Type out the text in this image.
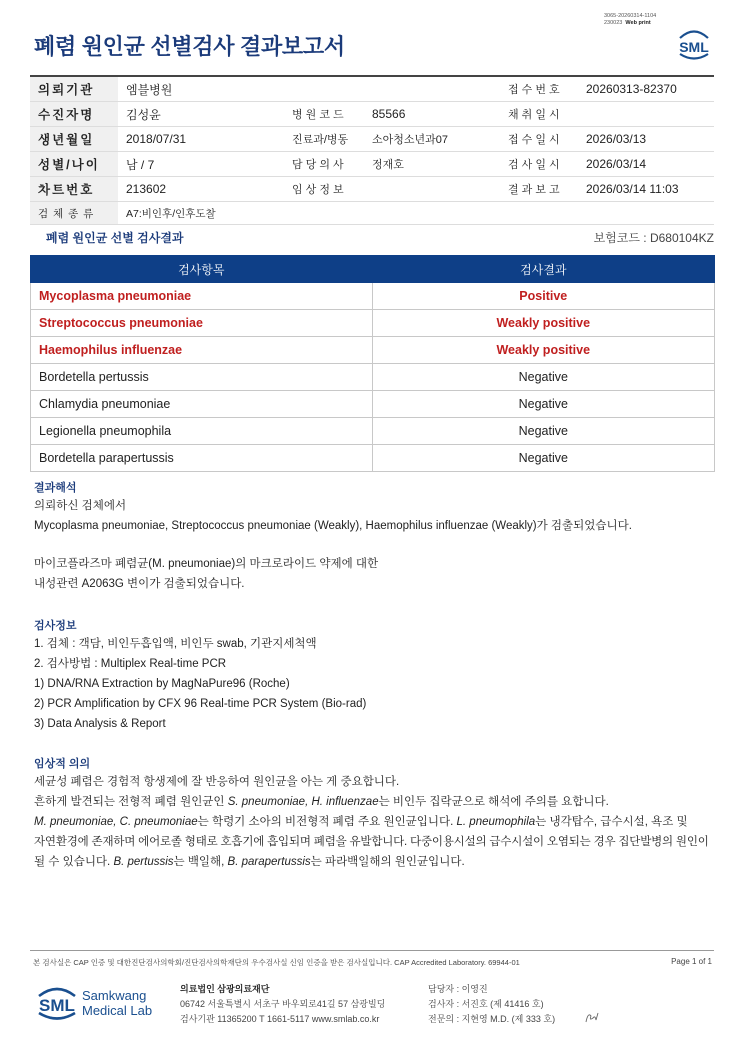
폐렴 원인균 선별검사 결과보고서
3065-20260314-1104
230023 Web print
SML
의뢰기관	엠블병원			접 수 번 호	20260313-82370
수진자명	김성윤	병 원 코 드	85566	채 취 일 시	
생년월일	2018/07/31	진료과/병동	소아청소년과07	접 수 일 시	2026/03/13
성별/나이	남 / 7	담 당 의 사	정재호	검 사 일 시	2026/03/14
차트번호	213602	임 상 정 보		결 과 보 고	2026/03/14 11:03
검 체 종 류	A7:비인후/인후도찰				
폐렴 원인균 선별 검사결과	보험코드 : D680104KZ
검사항목	검사결과
Mycoplasma pneumoniae	Positive
Streptococcus pneumoniae	Weakly positive
Haemophilus influenzae	Weakly positive
Bordetella pertussis	Negative
Chlamydia pneumoniae	Negative
Legionella pneumophila	Negative
Bordetella parapertussis	Negative
결과해석
의뢰하신 검체에서
Mycoplasma pneumoniae, Streptococcus pneumoniae (Weakly), Haemophilus influenzae (Weakly)가 검출되었습니다.
마이코플라즈마 폐렴균(M. pneumoniae)의 마크로라이드 약제에 대한
내성관련 A2063G 변이가 검출되었습니다.
검사정보
1. 검체 : 객담, 비인두흡입액, 비인두 swab, 기관지세척액
2. 검사방법 : Multiplex Real-time PCR
1) DNA/RNA Extraction by MagNaPure96 (Roche)
2) PCR Amplification by CFX 96 Real-time PCR System (Bio-rad)
3) Data Analysis & Report
임상적 의의
세균성 폐렴은 경험적 항생제에 잘 반응하여 원인균을 아는 게 중요합니다.
흔하게 발견되는 전형적 폐렴 원인균인 S. pneumoniae, H. influenzae는 비인두 집락균으로 해석에 주의를 요합니다.
M. pneumoniae, C. pneumoniae는 학령기 소아의 비전형적 폐렴 주요 원인균입니다. L. pneumophila는 냉각탑수, 급수시설, 욕조 및
자연환경에 존재하며 에어로졸 형태로 호흡기에 흡입되며 폐렴을 유발합니다. 다중이용시설의 급수시설이 오염되는 경우 집단발병의 원인이
될 수 있습니다. B. pertussis는 백일해, B. parapertussis는 파라백일해의 원인균입니다.
본 검사실은 CAP 인증 및 대한진단검사의학회/진단검사의학재단의 우수검사실 신임 인증을 받은 검사실입니다. CAP Accredited Laboratory. 69944-01	Page 1 of 1
SML
Samkwang
Medical Lab
의료법인 삼광의료재단
06742 서울특별시 서초구 바우뫼로41길 57 삼광빌딩
검사기관 11365200 T 1661-5117 www.smlab.co.kr
담당자 : 이영진
검사자 : 서진호 (제 41416 호)
전문의 : 지현영 M.D. (제 333 호)
